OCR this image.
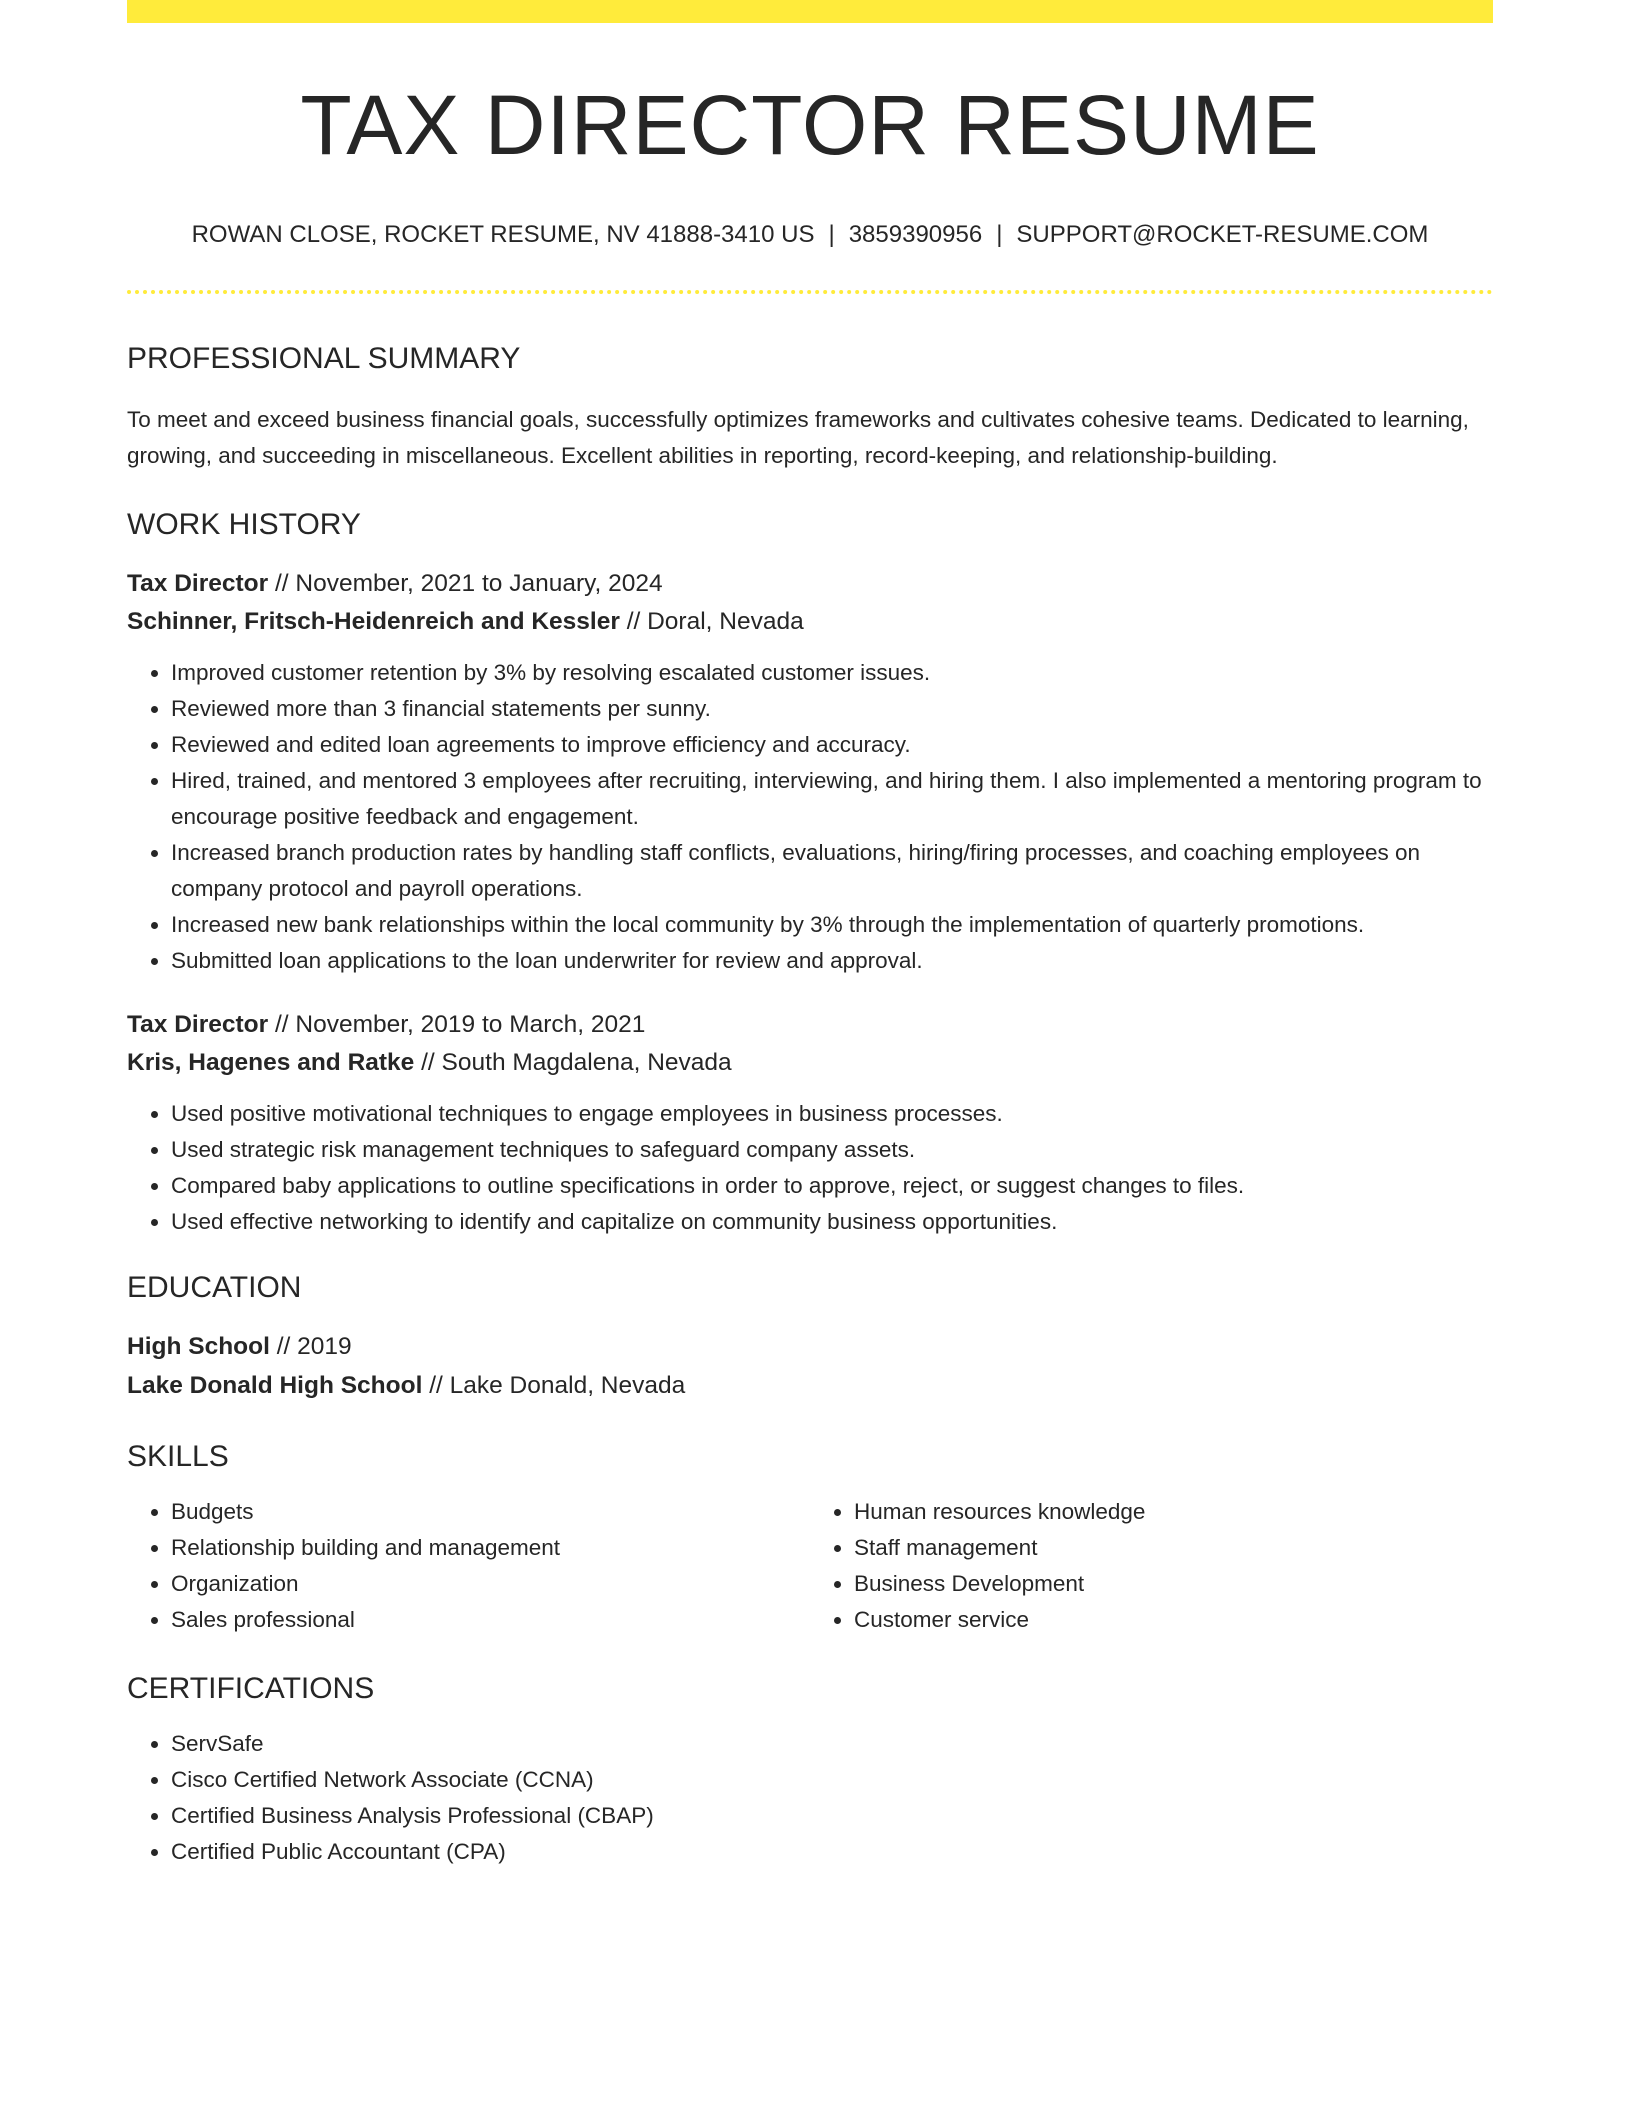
TAX DIRECTOR RESUME
ROWAN CLOSE, ROCKET RESUME, NV 41888-3410 US | 3859390956 | SUPPORT@ROCKET-RESUME.COM
PROFESSIONAL SUMMARY
To meet and exceed business financial goals, successfully optimizes frameworks and cultivates cohesive teams. Dedicated to learning, growing, and succeeding in miscellaneous. Excellent abilities in reporting, record-keeping, and relationship-building.
WORK HISTORY
Tax Director // November, 2021 to January, 2024
Schinner, Fritsch-Heidenreich and Kessler // Doral, Nevada
• Improved customer retention by 3% by resolving escalated customer issues.
• Reviewed more than 3 financial statements per sunny.
• Reviewed and edited loan agreements to improve efficiency and accuracy.
• Hired, trained, and mentored 3 employees after recruiting, interviewing, and hiring them. I also implemented a mentoring program to encourage positive feedback and engagement.
• Increased branch production rates by handling staff conflicts, evaluations, hiring/firing processes, and coaching employees on company protocol and payroll operations.
• Increased new bank relationships within the local community by 3% through the implementation of quarterly promotions.
• Submitted loan applications to the loan underwriter for review and approval.
Tax Director // November, 2019 to March, 2021
Kris, Hagenes and Ratke // South Magdalena, Nevada
• Used positive motivational techniques to engage employees in business processes.
• Used strategic risk management techniques to safeguard company assets.
• Compared baby applications to outline specifications in order to approve, reject, or suggest changes to files.
• Used effective networking to identify and capitalize on community business opportunities.
EDUCATION
High School // 2019
Lake Donald High School // Lake Donald, Nevada
SKILLS
• Budgets
• Relationship building and management
• Organization
• Sales professional
• Human resources knowledge
• Staff management
• Business Development
• Customer service
CERTIFICATIONS
• ServSafe
• Cisco Certified Network Associate (CCNA)
• Certified Business Analysis Professional (CBAP)
• Certified Public Accountant (CPA)
